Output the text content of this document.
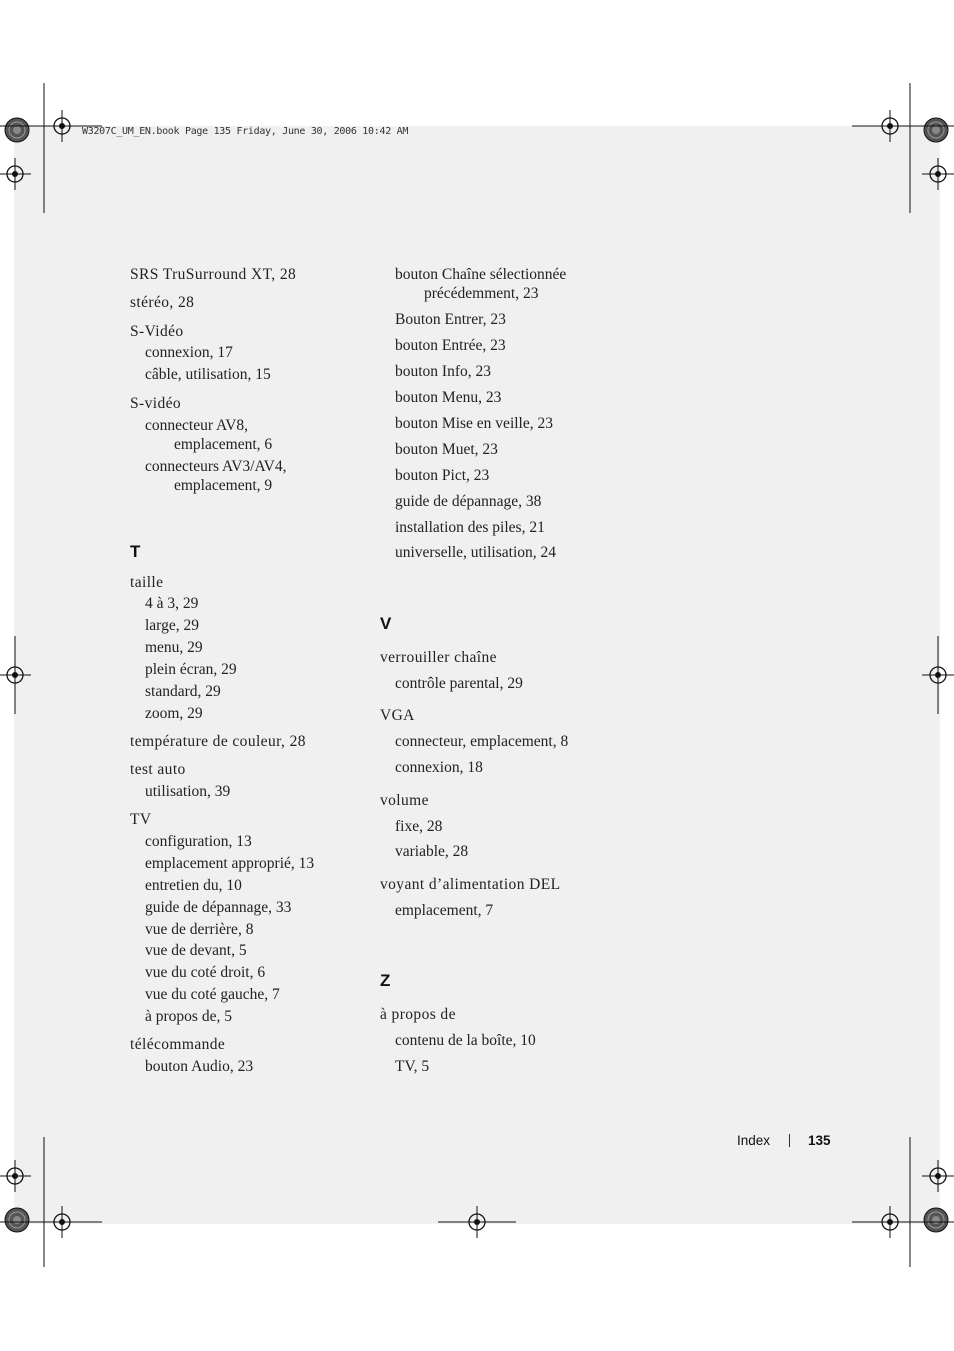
W3207C_UM_EN.book Page 135 Friday, June 30, 2006 10:42 AM
SRS TruSurround XT, 28
stéréo, 28
S-Vidéo
connexion, 17
câble, utilisation, 15
S-vidéo
connecteur AV8,
emplacement, 6
connecteurs AV3/AV4,
emplacement, 9
T
taille
4 à 3, 29
large, 29
menu, 29
plein écran, 29
standard, 29
zoom, 29
température de couleur, 28
test auto
utilisation, 39
TV
configuration, 13
emplacement approprié, 13
entretien du, 10
guide de dépannage, 33
vue de derrière, 8
vue de devant, 5
vue du coté droit, 6
vue du coté gauche, 7
à propos de, 5
télécommande
bouton Audio, 23
bouton Chaîne sélectionnée
précédemment, 23
Bouton Entrer, 23
bouton Entrée, 23
bouton Info, 23
bouton Menu, 23
bouton Mise en veille, 23
bouton Muet, 23
bouton Pict, 23
guide de dépannage, 38
installation des piles, 21
universelle, utilisation, 24
V
verrouiller chaîne
contrôle parental, 29
VGA
connecteur, emplacement, 8
connexion, 18
volume
fixe, 28
variable, 28
voyant d’alimentation DEL
emplacement, 7
Z
à propos de
contenu de la boîte, 10
TV, 5
Index	135
